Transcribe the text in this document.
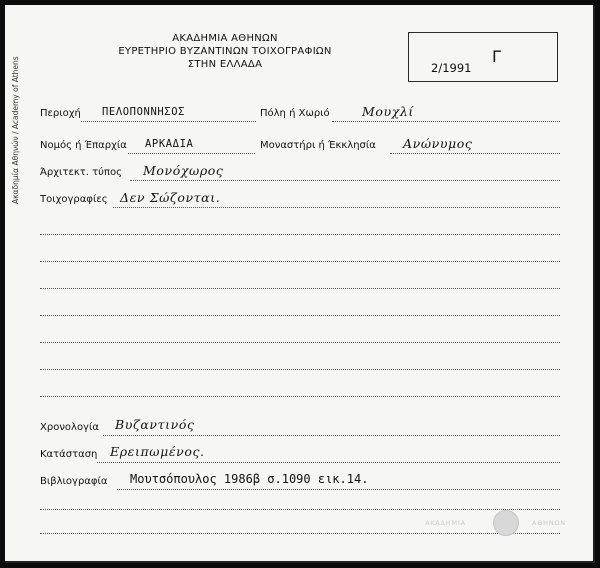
Ακαδημία Αθηνών / Academy of Athens
ΑΚΑΔΗΜΙΑ ΑΘΗΝΩΝ
ΕΥΡΕΤΗΡΙΟ ΒΥΖΑΝΤΙΝΩΝ ΤΟΙΧΟΓΡΑΦΙΩΝ
ΣΤΗΝ ΕΛΛΑΔΑ	2/1991
Γ
Περιοχή ΠΕΛΟΠΟΝΝΗΣΟΣ	Πόλη ή Χωριό	Μουχλί
Νομός ή Έπαρχία ΑΡΚΑΔΙΑ	Μοναστήρι ή Έκκλησία Ανώνυμος
Άρχιτεκτ. τύπος Μονόχωρος
Τοιχογραφίες Δεν Σώζονται.
Χρονολογία Βυζαντινός
Κατάσταση Ερειπωμένος.
Βιβλιογραφία Μουτσόπουλος 1986β σ.1090 εικ.14.
ΑΚΑΔΗΜΙΑ	ΑΘΗΝΩΝ
